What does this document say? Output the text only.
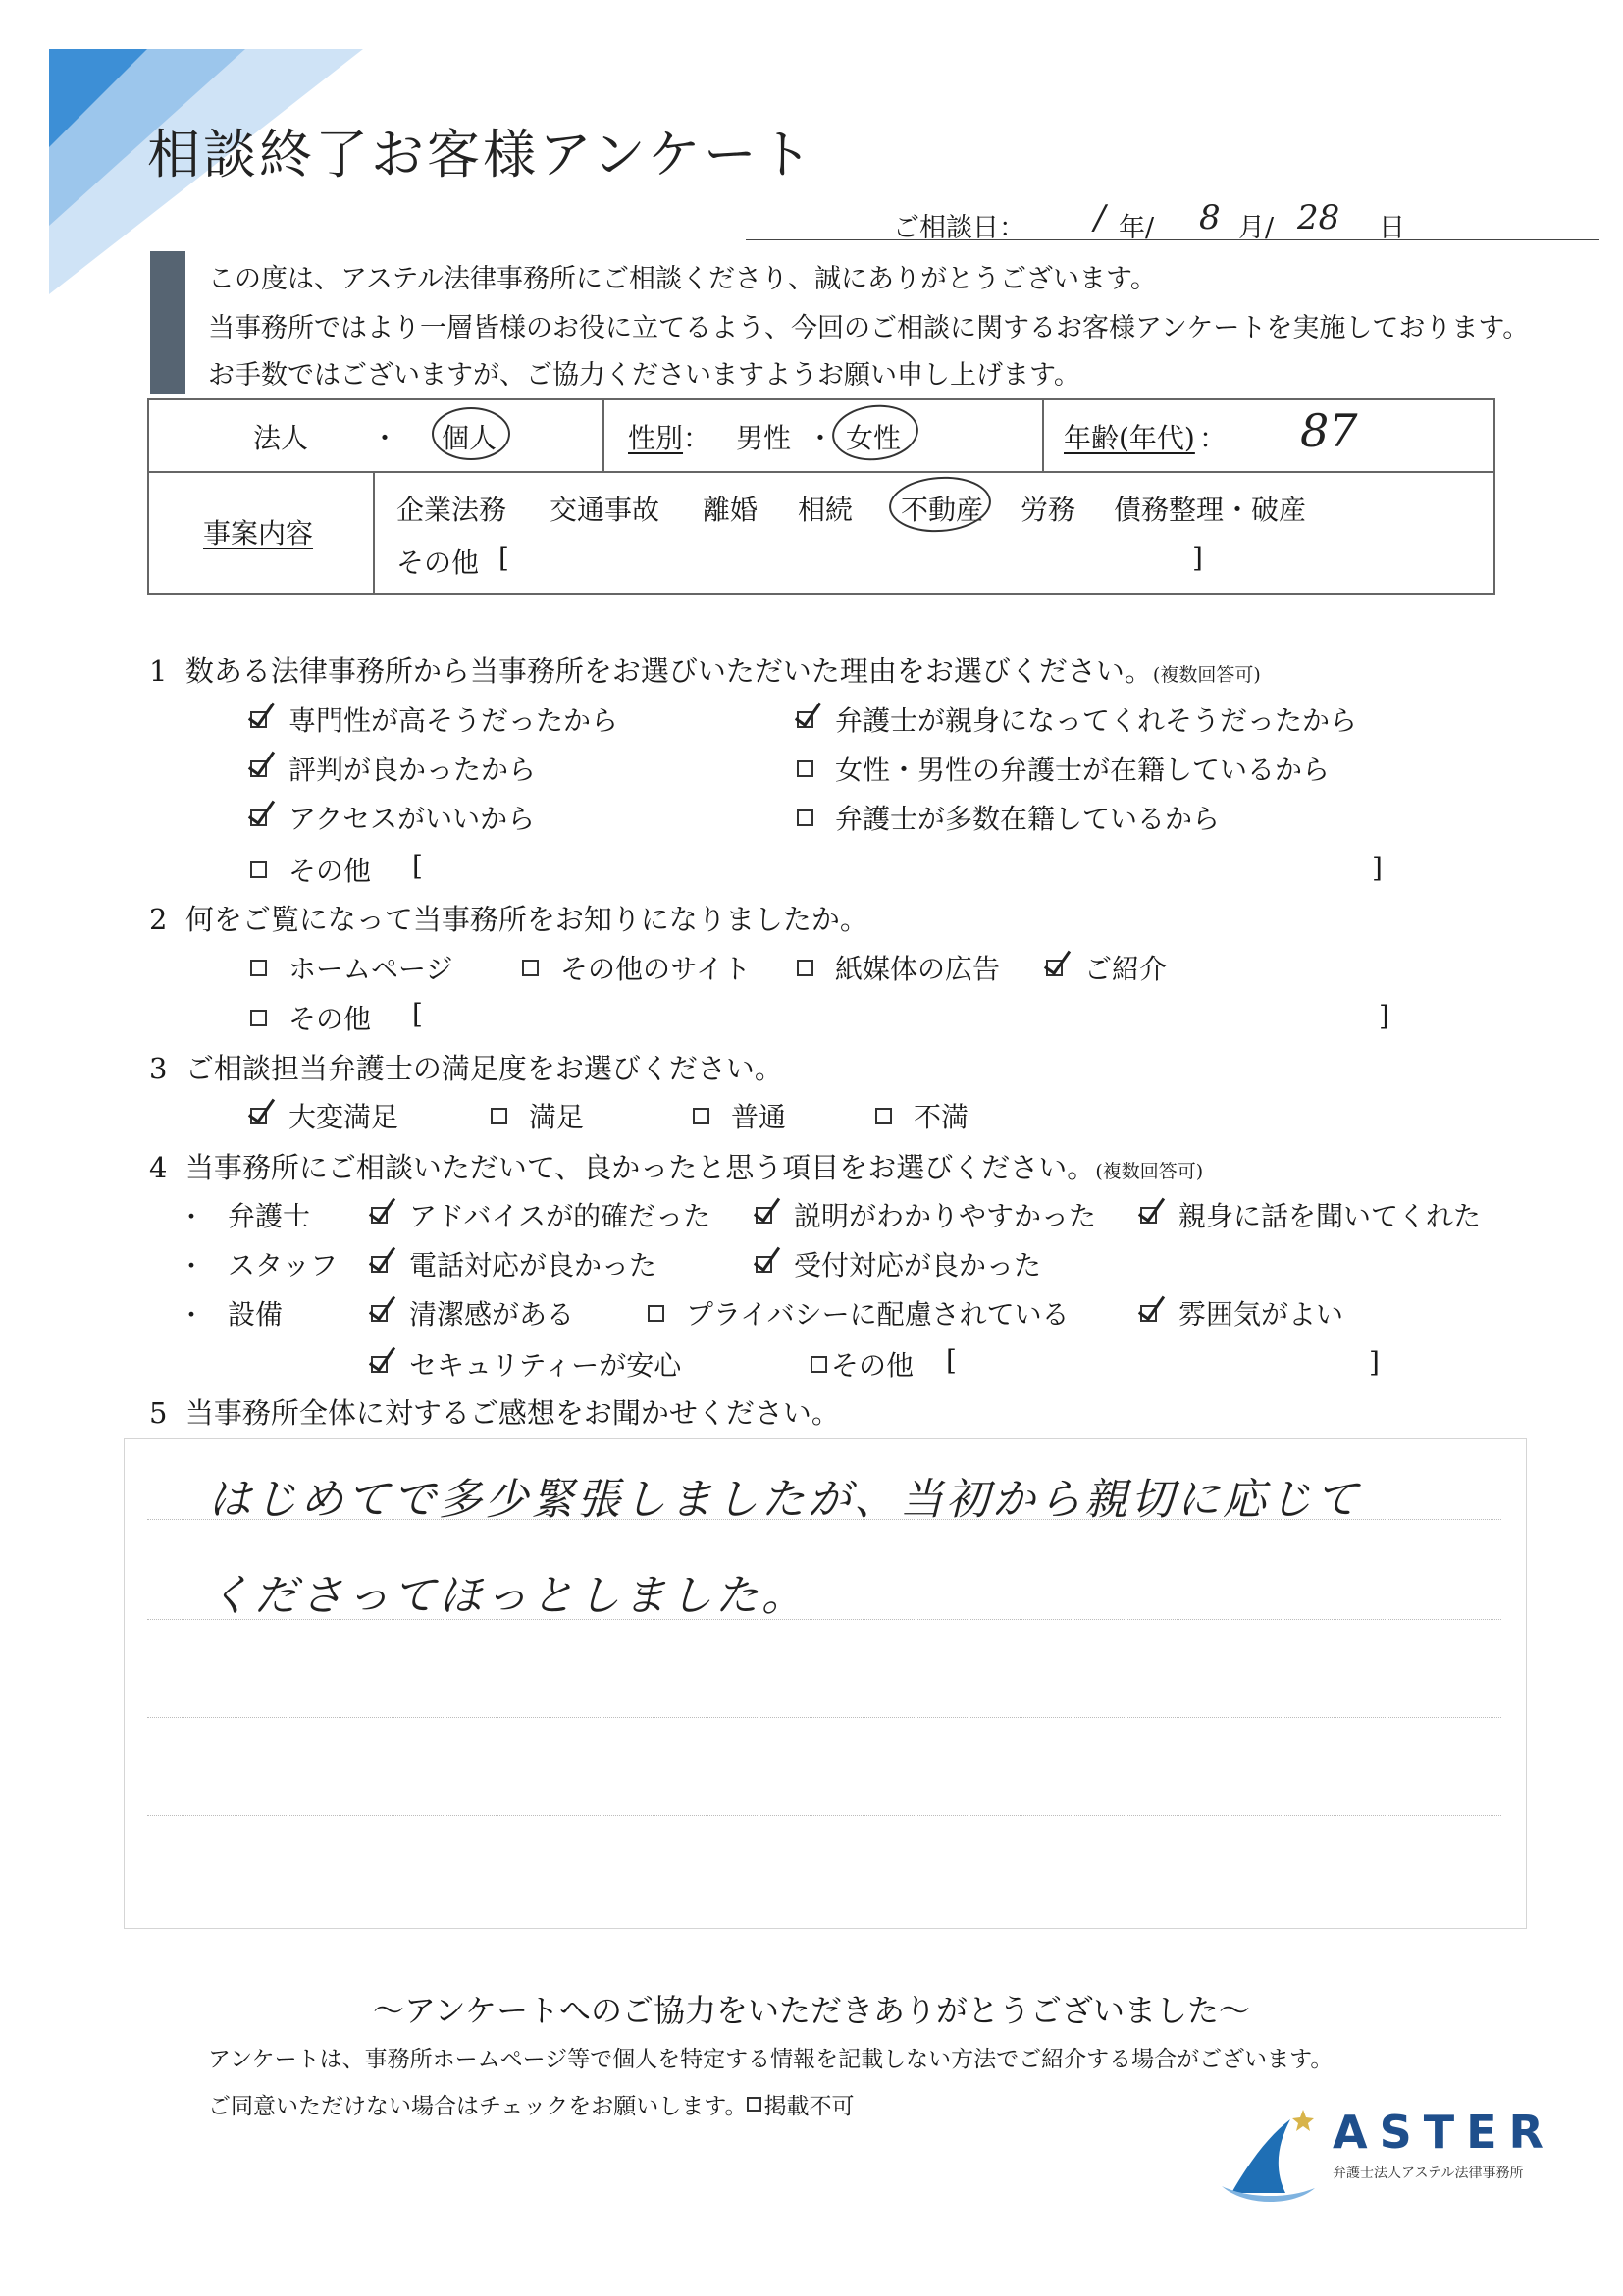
相談終了お客様アンケート
ご相談日： / 年/ 8 月/ 28 日
この度は、アステル法律事務所にご相談くださり、誠にありがとうございます。
当事務所ではより一層皆様のお役に立てるよう、今回のご相談に関するお客様アンケートを実施しております。
お手数ではございますが、ご協力くださいますようお願い申し上げます。
法人 ・ 個人	性別 ： 男性 ・ 女性	年齢(年代) ： 87
事案内容
企業法務 交通事故 離婚 相続 不動産 労務 債務整理・破産
その他 [	]
1 数ある法律事務所から当事務所をお選びいただいた理由をお選びください。(複数回答可)
専門性が高そうだったから	弁護士が親身になってくれそうだったから
評判が良かったから	女性・男性の弁護士が在籍しているから
アクセスがいいから	弁護士が多数在籍しているから
その他 [	]
2 何をご覧になって当事務所をお知りになりましたか。
ホームページ	その他のサイト	紙媒体の広告	ご紹介
その他 [	]
3 ご相談担当弁護士の満足度をお選びください。
大変満足	満足	普通	不満
4 当事務所にご相談いただいて、良かったと思う項目をお選びください。(複数回答可)
・ 弁護士	アドバイスが的確だった	説明がわかりやすかった	親身に話を聞いてくれた
・ スタッフ	電話対応が良かった	受付対応が良かった
・ 設備	清潔感がある	プライバシーに配慮されている	雰囲気がよい
セキュリティーが安心	その他 [	]
5 当事務所全体に対するご感想をお聞かせください。
はじめてで多少緊張しましたが、当初から親切に応じて
くださってほっとしました。
〜アンケートへのご協力をいただきありがとうございました〜
アンケートは、事務所ホームページ等で個人を特定する情報を記載しない方法でご紹介する場合がございます。
ご同意いただけない場合はチェックをお願いします。 掲載不可	ASTER
弁護士法人アステル法律事務所
